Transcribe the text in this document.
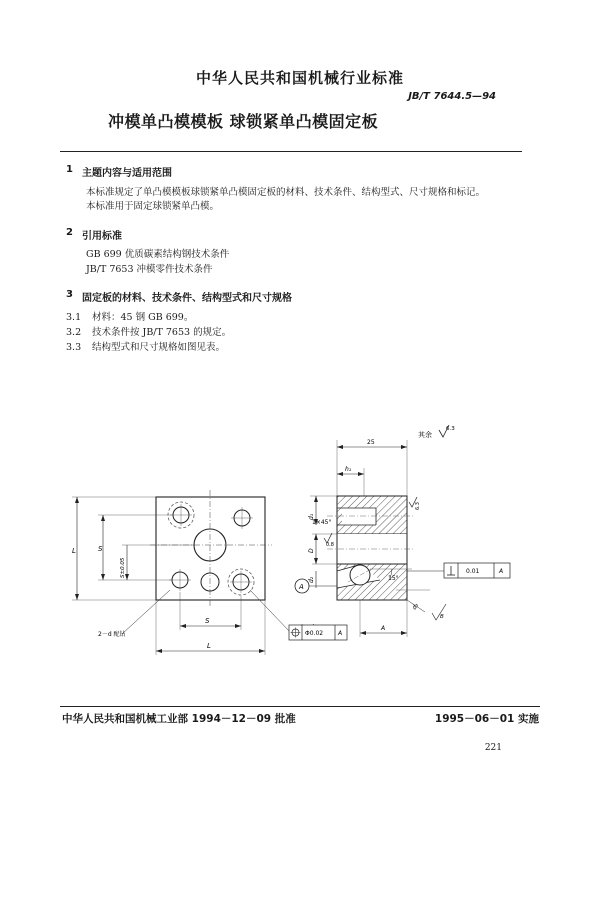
中华人民共和国机械行业标准
JB/T 7644.5—94
冲模单凸模模板 球锁紧单凸模固定板
1 主题内容与适用范围
本标准规定了单凸模模板球锁紧单凸模固定板的材料、技术条件、结构型式、尺寸规格和标记。
本标准用于固定球锁紧单凸模。
2 引用标准
GB 699 优质碳素结构钢技术条件
JB/T 7653 冲模零件技术条件
3 固定板的材料、技术条件、结构型式和尺寸规格
3.1 材料：45 钢 GB 699。
3.2 技术条件按 JB/T 7653 的规定。
3.3 结构型式和尺寸规格如图见表。
其余
6.3
L	S
S±0.05
S
L
2－d 配钻	Φ0.02 A
25
h₁
15°
d₁
1×45°
D
d₂
0.8
6.3
A
0.01	A
d₃
B
A
中华人民共和国机械工业部 1994－12－09 批准	1995－06－01 实施
221
